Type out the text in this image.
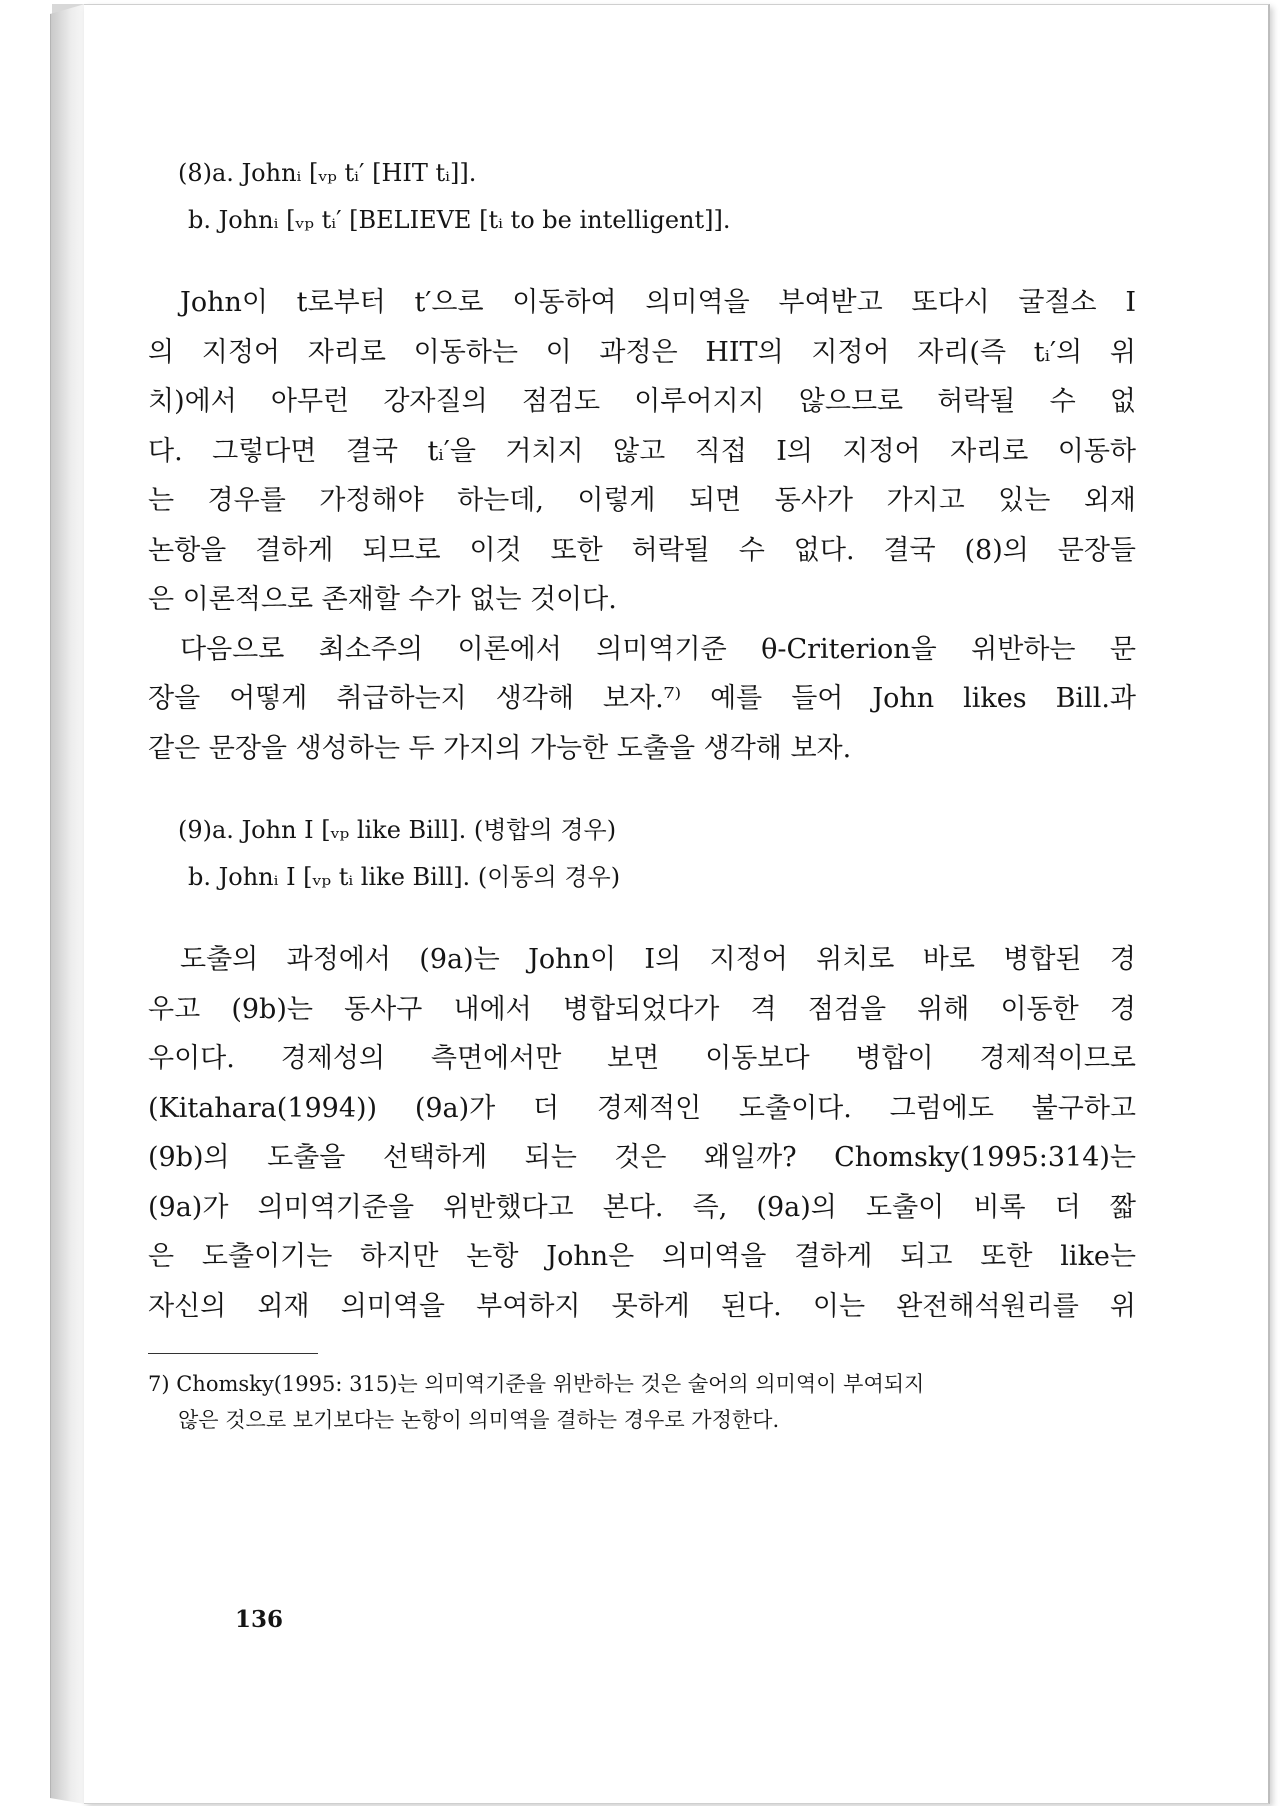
(8)a. Johnᵢ [ᵥₚ tᵢ′ [HIT tᵢ]].
b. Johnᵢ [ᵥₚ tᵢ′ [BELIEVE [tᵢ to be intelligent]].
John이 t로부터 t′으로 이동하여 의미역을 부여받고 또다시 굴절소 I
의 지정어 자리로 이동하는 이 과정은 HIT의 지정어 자리(즉 tᵢ′의 위
치)에서 아무런 강자질의 점검도 이루어지지 않으므로 허락될 수 없
다. 그렇다면 결국 tᵢ′을 거치지 않고 직접 I의 지정어 자리로 이동하
는 경우를 가정해야 하는데, 이렇게 되면 동사가 가지고 있는 외재
논항을 결하게 되므로 이것 또한 허락될 수 없다. 결국 (8)의 문장들
은 이론적으로 존재할 수가 없는 것이다.
다음으로 최소주의 이론에서 의미역기준 θ-Criterion을 위반하는 문
장을 어떻게 취급하는지 생각해 보자.⁷⁾ 예를 들어 John likes Bill.과
같은 문장을 생성하는 두 가지의 가능한 도출을 생각해 보자.
(9)a. John I [ᵥₚ like Bill]. (병합의 경우)
b. Johnᵢ I [ᵥₚ tᵢ like Bill]. (이동의 경우)
도출의 과정에서 (9a)는 John이 I의 지정어 위치로 바로 병합된 경
우고 (9b)는 동사구 내에서 병합되었다가 격 점검을 위해 이동한 경
우이다. 경제성의 측면에서만 보면 이동보다 병합이 경제적이므로
(Kitahara(1994)) (9a)가 더 경제적인 도출이다. 그럼에도 불구하고
(9b)의 도출을 선택하게 되는 것은 왜일까? Chomsky(1995:314)는
(9a)가 의미역기준을 위반했다고 본다. 즉, (9a)의 도출이 비록 더 짧
은 도출이기는 하지만 논항 John은 의미역을 결하게 되고 또한 like는
자신의 외재 의미역을 부여하지 못하게 된다. 이는 완전해석원리를 위
7) Chomsky(1995: 315)는 의미역기준을 위반하는 것은 술어의 의미역이 부여되지
않은 것으로 보기보다는 논항이 의미역을 결하는 경우로 가정한다.
136
